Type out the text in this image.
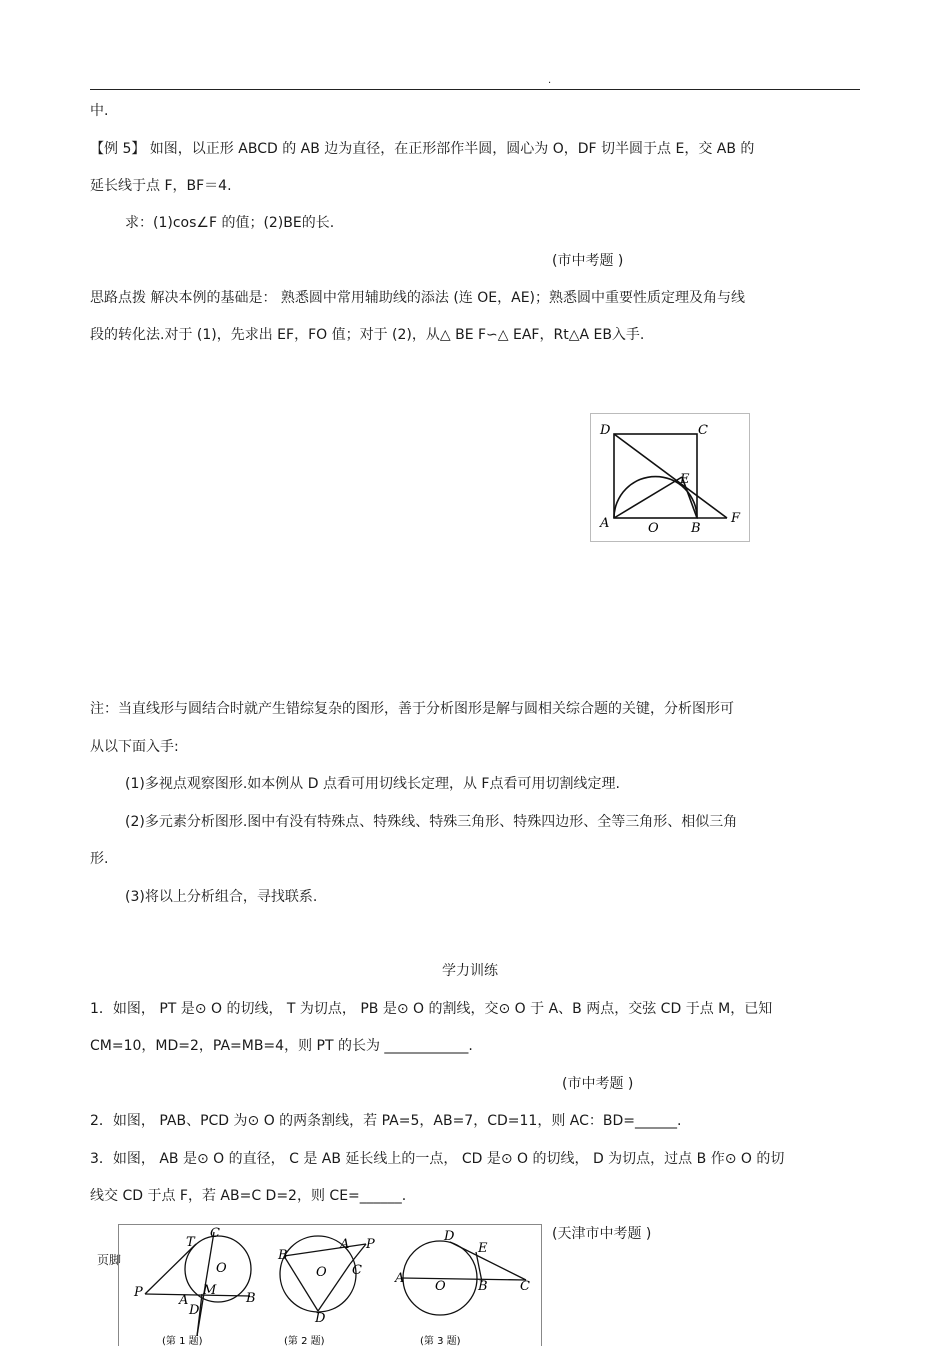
.
中.
【例 5】 如图，以正形 ABCD 的 AB 边为直径，在正形部作半圆，圆心为 O，DF 切半圆于点 E，交 AB 的
延长线于点 F，BF＝4.
求：(1)cos∠F 的值；(2)BE的长.
(市中考题 )
思路点拨 解决本例的基础是： 熟悉圆中常用辅助线的添法 (连 OE，AE)；熟悉圆中重要性质定理及角与线
段的转化法.对于 (1)，先求出 EF，FO 值；对于 (2)，从△ BE F∽△ EAF，Rt△A EB入手.
D	C
E
A	O B
F
注：当直线形与圆结合时就产生错综复杂的图形，善于分析图形是解与圆相关综合题的关键，分析图形可
从以下面入手:
(1)多视点观察图形.如本例从 D 点看可用切线长定理，从 F点看可用切割线定理.
(2)多元素分析图形.图中有没有特殊点、特殊线、特殊三角形、特殊四边形、全等三角形、相似三角
形.
(3)将以上分析组合，寻找联系.
学力训练
1．如图， PT 是⊙ O 的切线， T 为切点， PB 是⊙ O 的割线，交⊙ O 于 A、B 两点，交弦 CD 于点 M，已知
CM=10，MD=2，PA=MB=4，则 PT 的长为 ____________.
(市中考题 )
2．如图， PAB、PCD 为⊙ O 的两条割线，若 PA=5，AB=7，CD=11，则 AC：BD=______.
3．如图， AB 是⊙ O 的直径， C 是 AB 延长线上的一点， CD 是⊙ O 的切线， D 为切点，过点 B 作⊙ O 的切
线交 CD 于点 F，若 AB=C D=2，则 CE=______.
(天津市中考题 )
页脚
T
C
O
P
A
M
B
D
(第 1 题)
B
A P
O C
D
(第 2 题)
D
E
A
O B C
(第 3 题)
